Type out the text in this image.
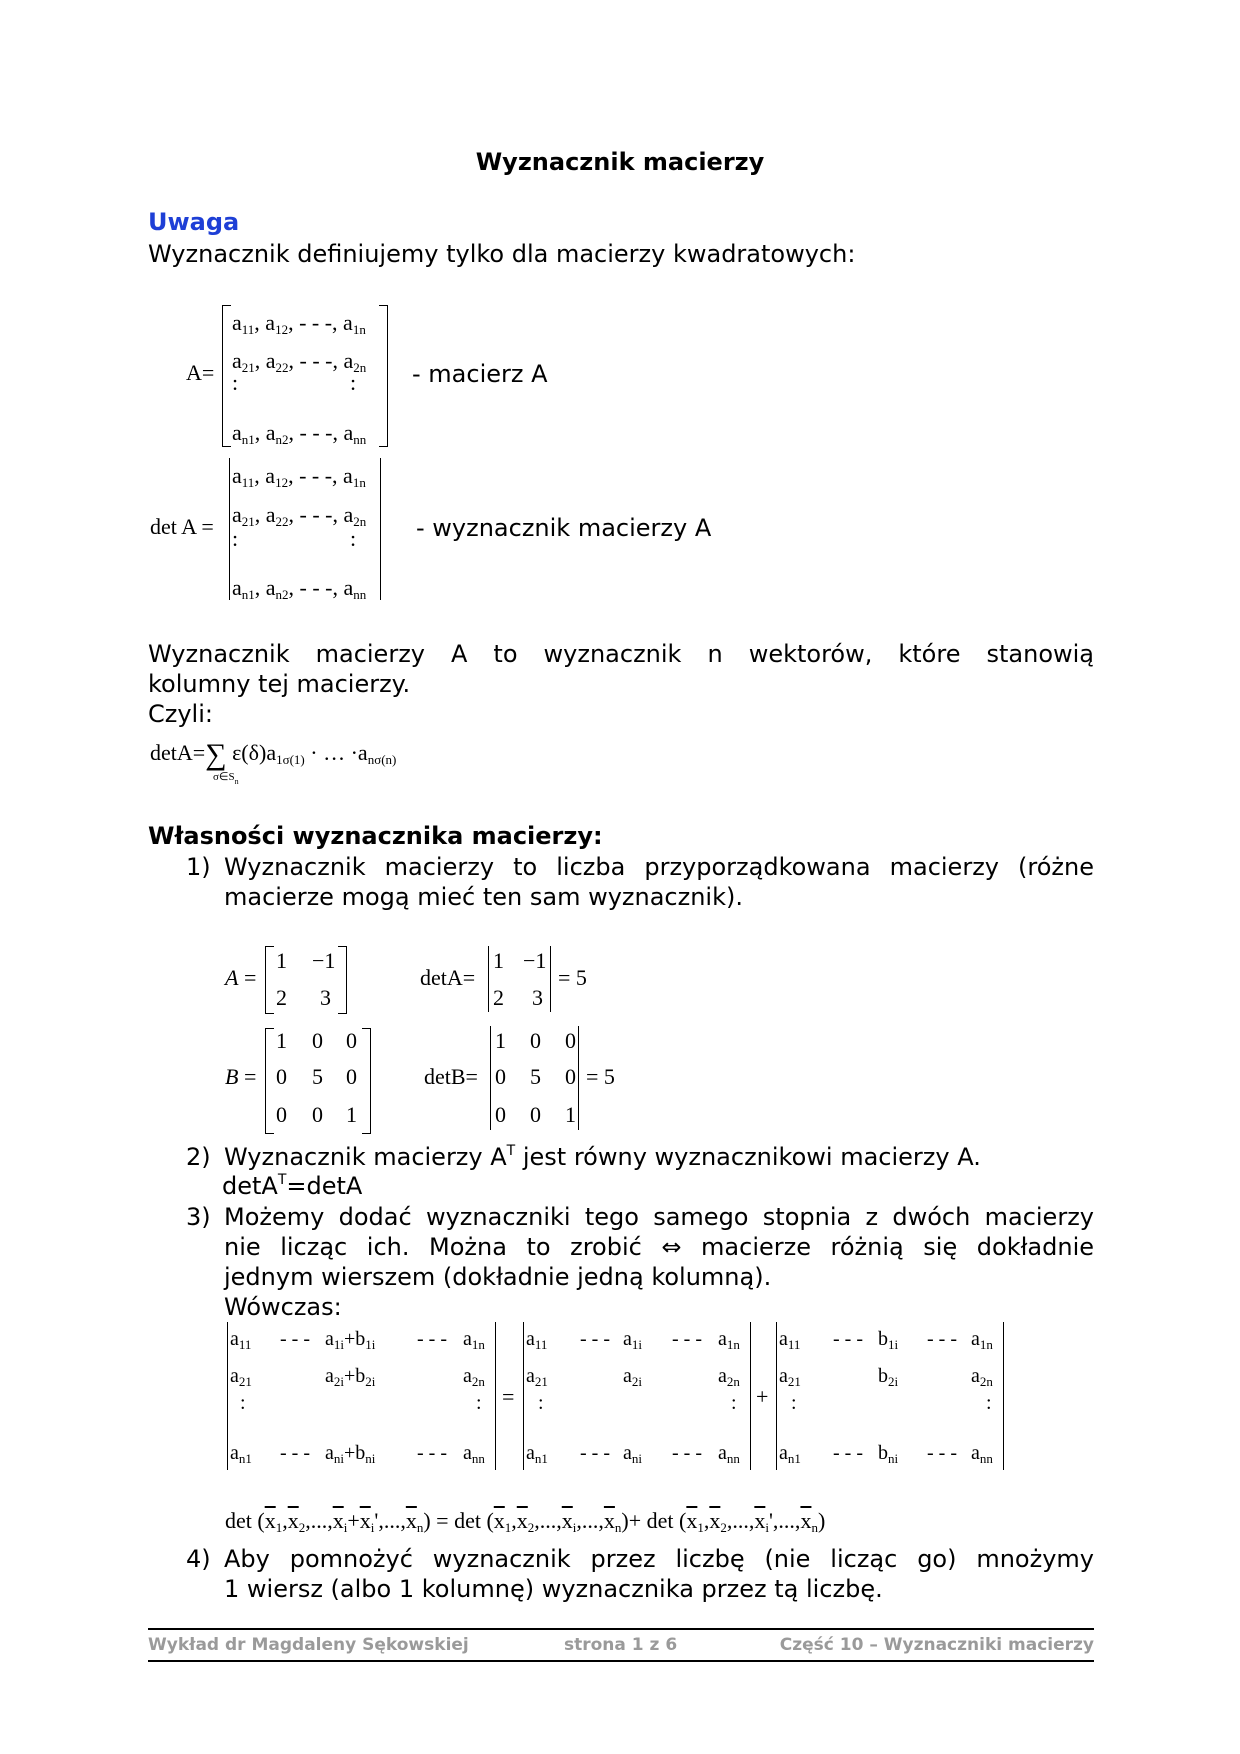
Wyznacznik macierzy
Uwaga
Wyznacznik definiujemy tylko dla macierzy kwadratowych:
A=
$a_{11}$, $a_{12}$, - - -, $a_{1n}$
$a_{21}$, $a_{22}$, - - -, $a_{2n}$
:	:
$a_{n1}$, $a_{n2}$, - - -, $a_{nn}$
- macierz A
det A =
$a_{11}$, $a_{12}$, - - -, $a_{1n}$
$a_{21}$, $a_{22}$, - - -, $a_{2n}$
:	:
$a_{n1}$, $a_{n2}$, - - -, $a_{nn}$
- wyznacznik macierzy A
Wyznacznik macierzy A to wyznacznik n wektorów, które stanowią
kolumny tej macierzy.
Czyli:
detA=∑ $\varepsilon(\delta)a_{1\sigma(1)}$ · … $\cdot a_{n\sigma(n)}$
$\sigma\in S_n$
Własności wyznacznika macierzy:
1) Wyznacznik macierzy to liczba przyporządkowana macierzy (różne
macierze mogą mieć ten sam wyznacznik).
A =
1 −1
2 3
detA=
1 −1
2 3
= 5
B =
1 0 0
0 5 0
0 0 1
detB=
1 0 0
0 5 0
0 0 1
= 5
2) Wyznacznik macierzy $A^T$ jest równy wyznacznikowi macierzy A.
detA$^T$=detA
3) Możemy dodać wyznaczniki tego samego stopnia z dwóch macierzy
nie licząc ich. Można to zrobić ⇔ macierze różnią się dokładnie
jednym wierszem (dokładnie jedną kolumną).
Wówczas:
$a_{11}$ - - - $a_{1i}+b_{1i}$ - - - $a_{1n}$
$a_{21}$	$a_{2i}+b_{2i}$	$a_{2n}$
:	:
$a_{n1}$ - - - $a_{ni}+b_{ni}$ - - - $a_{nn}$
=
$a_{11}$ - - - $a_{1i}$ - - - $a_{1n}$
$a_{21}$	$a_{2i}$	$a_{2n}$
:	:
$a_{n1}$ - - - $a_{ni}$ - - - $a_{nn}$
+
$a_{11}$ - - - $b_{1i}$ - - - $a_{1n}$
$a_{21}$	$b_{2i}$	$a_{2n}$
:	:
$a_{n1}$ - - - $b_{ni}$ - - - $a_{nn}$
$\det (\overline{x}_1,\overline{x}_2,...,\overline{x}_i+\overline{x}_i',...,\overline{x}_n) = \det (\overline{x}_1,\overline{x}_2,...,\overline{x}_i,...,\overline{x}_n)+ \det (\overline{x}_1,\overline{x}_2,...,\overline{x}_i',...,\overline{x}_n)$
4) Aby pomnożyć wyznacznik przez liczbę (nie licząc go) mnożymy
1 wiersz (albo 1 kolumnę) wyznacznika przez tą liczbę.
Wykład dr Magdaleny Sękowskiej	strona 1 z 6	Część 10 – Wyznaczniki macierzy
